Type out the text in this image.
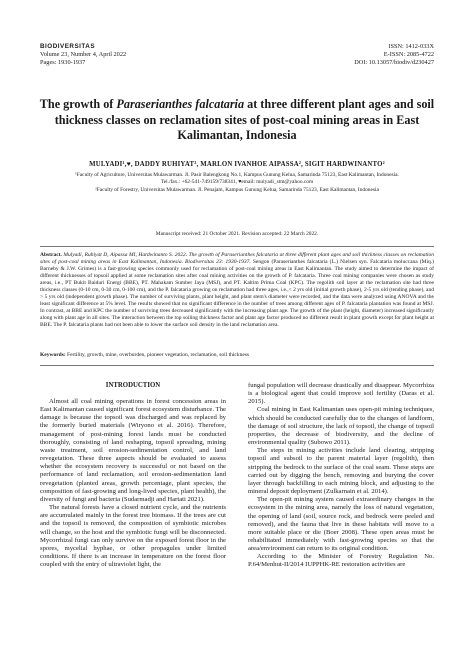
BIODIVERSITAS
Volume 23, Number 4, April 2022
Pages: 1930-1937
ISSN: 1412-033X
E-ISSN: 2085-4722
DOI: 10.13057/biodiv/d230427
The growth of Paraserianthes falcataria at three different plant ages and soil thickness classes on reclamation sites of post-coal mining areas in East Kalimantan, Indonesia
MULYADI¹,♥, DADDY RUHIYAT², MARLON IVANHOE AIPASSA², SIGIT HARDWINANTO²
¹Faculty of Agriculture, Universitas Mulawarman. Jl. Pasir Balengkong No.1, Kampus Gunung Kelua, Samarinda 75123, East Kalimantan, Indonesia.
Tel./fax.: +62-541-749159/738341, ♥email: mulyadi_stm@yahoo.com
²Faculty of Forestry, Universitas Mulawarman. Jl. Penajam, Kampus Gunung Kelua, Samarinda 75123, East Kalimantan, Indonesia
Manuscript received: 21 October 2021. Revision accepted: 22 March 2022.
Abstract. Mulyadi, Ruhiyat D, Aipassa MI, Hardwinanto S. 2022. The growth of Paraserianthes falcataria at three different plant ages and soil thickness classes on reclamation sites of post-coal mining areas in East Kalimantan, Indonesia. Biodiversitas 23: 1930-1937. Sengon (Paraserianthes falcataria (L.) Nielsen syn. Falcataria moluccana (Miq.) Barneby & J.W. Grimes) is a fast-growing species commonly used for reclamation of post-coal mining areas in East Kalimantan. The study aimed to determine the impact of different thicknesses of topsoil applied at some reclamation sites after coal mining activities on the growth of P. falcataria. Three coal mining companies were chosen as study areas, i.e., PT Bukit Baiduri Energi (BBE), PT. Mahakam Sumber Jaya (MSJ), and PT. Kaltim Prima Coal (KPC). The regolith soil layer at the reclamation site had three thickness classes (0-10 cm, 0-30 cm, 0-100 cm), and the P. falcataria growing on reclamation had three ages, i.e.,< 2 yrs old (initial growth phase), 2-5 yrs old (tending phase), and > 5 yrs old (independent growth phase). The number of surviving plants, plant height, and plant stem's diameter were recorded, and the data were analyzed using ANOVA and the least significant difference at 5% level. The results showed that no significant difference in the number of trees among different ages of P. falcataria plantation was found at MSJ. In contrast, at BBE and KPC the number of surviving trees decreased significantly with the increasing plant age. The growth of the plant (height, diameter) increased significantly along with plant age in all sites. The interaction between the top soiling thickness factor and plant age factor produced no different result in plant growth except for plant height at BBE. The P. falcataria plants had not been able to lower the surface soil density in the land reclamation area.
Keywords: Fertility, growth, mine, overburden, pioneer vegetation, reclamation, soil thickness
INTRODUCTION

Almost all coal mining operations in forest concession areas in East Kalimantan caused significant forest ecosystem disturbance. The damage is because the topsoil was discharged and was replaced by the formerly buried materials (Wiryono et al. 2016). Therefore, management of post-mining forest lands must be conducted thoroughly, consisting of land reshaping, topsoil spreading, mining waste treatment, soil erosion-sedimentation control, and land revegetation. These three aspects should be evaluated to assess whether the ecosystem recovery is successful or not based on the performance of land reclamation, soil erosion-sedimentation land revegetation (planted areas, growth percentage, plant species, the composition of fast-growing and long-lived species, plant health), the diversity of fungi and bacteria (Sudarmadji and Hartati 2021).

The natural forests have a closed nutrient cycle, and the nutrients are accumulated mainly in the forest tree biomass. If the trees are cut and the topsoil is removed, the composition of symbiotic microbes will change, so the host and the symbiotic fungi will be disconnected. Mycorrhizal fungi can only survive on the exposed forest floor in the spores, mycelial hyphae, or other propagules under limited conditions. If there is an increase in temperature on the forest floor coupled with the entry of ultraviolet light, the

fungal population will decrease drastically and disappear. Mycorrhiza is a biological agent that could improve soil fertility (Daras et al. 2015).

Coal mining in East Kalimantan uses open-pit mining techniques, which should be conducted carefully due to the changes of landform, the damage of soil structure, the lack of topsoil, the change of topsoil properties, the decrease of biodiversity, and the decline of environmental quality (Subowo 2011).

The steps in mining activities include land clearing, stripping topsoil and subsoil to the parent material layer (regolith), then stripping the bedrock to the surface of the coal seam. These steps are carried out by digging the bench, removing and burying the cover layer through backfilling to each mining block, and adjusting to the mineral deposit deployment (Zulkarnain et al. 2014).

The open-pit mining system caused extraordinary changes in the ecosystem in the mining area, namely the loss of natural vegetation, the opening of land (soil, source rock, and bedrock were peeled and removed), and the fauna that live in these habitats will move to a more suitable place or die (Boer 2008). These open areas must be rehabilitated immediately with fast-growing species so that the area/environment can return to its original condition.

According to the Minister of Forestry Regulation No. P.64/Menhut-II/2014 IUPPHK-RE restoration activities are
